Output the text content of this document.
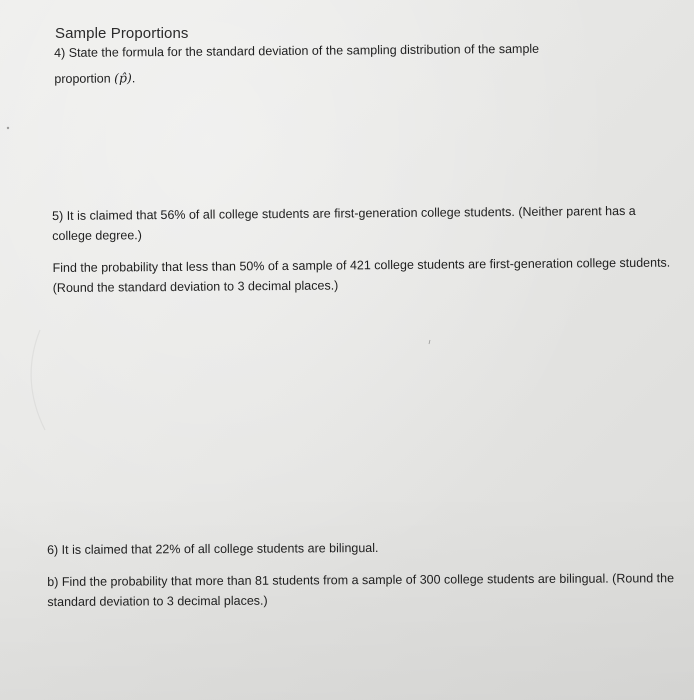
Sample Proportions
4) State the formula for the standard deviation of the sampling distribution of the sample
proportion (p̂).

5) It is claimed that 56% of all college students are first-generation college students. (Neither parent has a college degree.)

Find the probability that less than 50% of a sample of 421 college students are first-generation college students. (Round the standard deviation to 3 decimal places.)

6) It is claimed that 22% of all college students are bilingual.

b) Find the probability that more than 81 students from a sample of 300 college students are bilingual. (Round the standard deviation to 3 decimal places.)
